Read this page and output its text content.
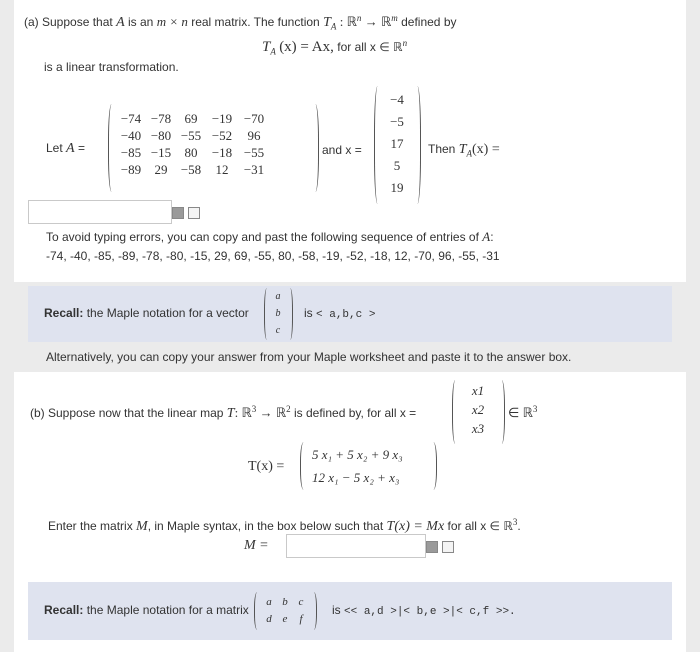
(a) Suppose that A is an m × n real matrix. The function $T_A$ : ℝ$^n$ → ℝ$^m$ defined by
$T_A$ (x) = Ax, for all x ∈ ℝ$^n$
is a linear transformation.
Let A =
−74 −78	69	−19 −70
−40 −80 −55 −52	96
−85 −15	80	−18 −55
−89	29	−58	12	−31
and x =
−4
−5
17
5
19
Then $T_A(x)$ =
To avoid typing errors, you can copy and past the following sequence of entries of A:
-74, -40, -85, -89, -78, -80, -15, 29, 69, -55, 80, -58, -19, -52, -18, 12, -70, 96, -55, -31
Recall: the Maple notation for a vector
a
b
c
is < a,b,c >
Alternatively, you can copy your answer from your Maple worksheet and paste it to the answer box.
(b) Suppose now that the linear map T: ℝ$^3$ → ℝ$^2$ is defined by, for all x =
x1
x2
x3
∈ ℝ$^3$
T(x) =
5 x₁ + 5 x₂ + 9 x₃
12 x₁ − 5 x₂ + x₃
Enter the matrix M, in Maple syntax, in the box below such that T(x) = Mx for all x ∈ ℝ$^3$.
M =
Recall: the Maple notation for a matrix
a b c
d e	f
is << a,d >|< b,e >|< c,f >>.
